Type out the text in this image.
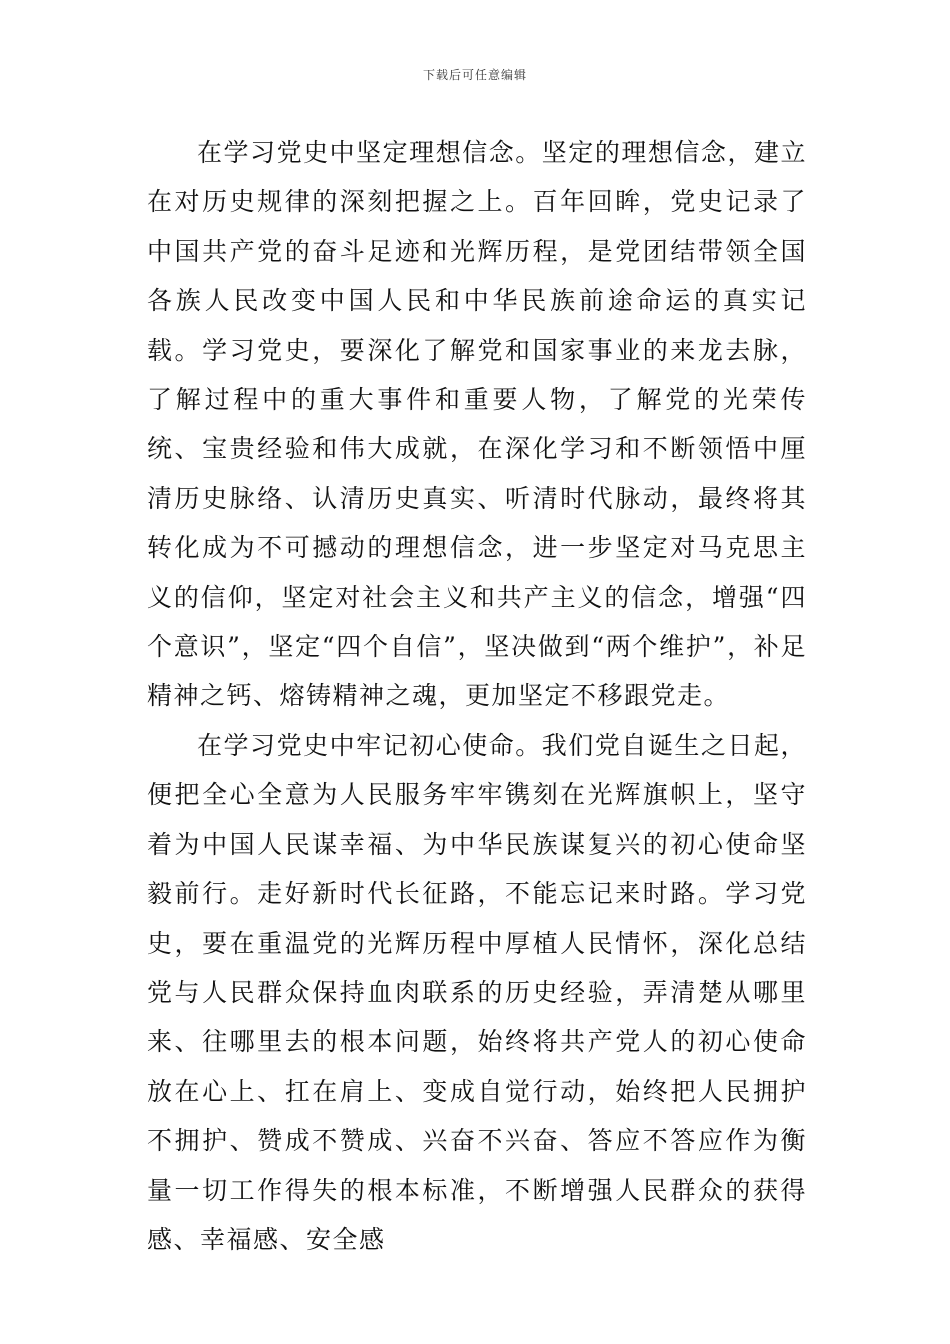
下载后可任意编辑

在学习党史中坚定理想信念。坚定的理想信念，建立在对历史规律的深刻把握之上。百年回眸，党史记录了中国共产党的奋斗足迹和光辉历程，是党团结带领全国各族人民改变中国人民和中华民族前途命运的真实记载。学习党史，要深化了解党和国家事业的来龙去脉，了解过程中的重大事件和重要人物，了解党的光荣传统、宝贵经验和伟大成就，在深化学习和不断领悟中厘清历史脉络、认清历史真实、听清时代脉动，最终将其转化成为不可撼动的理想信念，进一步坚定对马克思主义的信仰，坚定对社会主义和共产主义的信念，增强“四个意识”，坚定“四个自信”，坚决做到“两个维护”，补足精神之钙、熔铸精神之魂，更加坚定不移跟党走。

在学习党史中牢记初心使命。我们党自诞生之日起，便把全心全意为人民服务牢牢镌刻在光辉旗帜上，坚守着为中国人民谋幸福、为中华民族谋复兴的初心使命坚毅前行。走好新时代长征路，不能忘记来时路。学习党史，要在重温党的光辉历程中厚植人民情怀，深化总结党与人民群众保持血肉联系的历史经验，弄清楚从哪里来、往哪里去的根本问题，始终将共产党人的初心使命放在心上、扛在肩上、变成自觉行动，始终把人民拥护不拥护、赞成不赞成、兴奋不兴奋、答应不答应作为衡量一切工作得失的根本标准，不断增强人民群众的获得感、幸福感、安全感
